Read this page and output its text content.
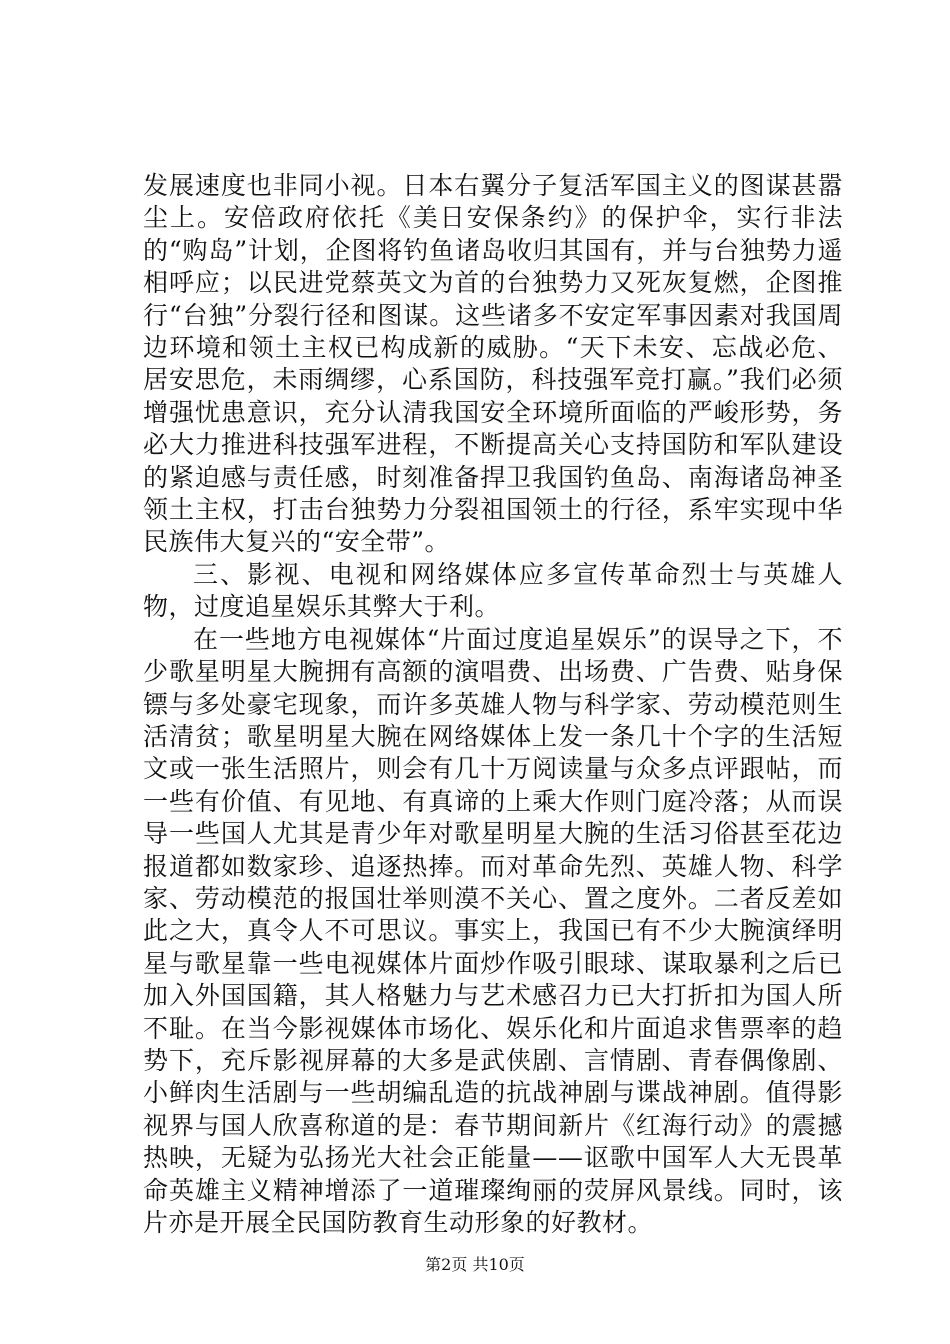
发展速度也非同小视。日本右翼分子复活军国主义的图谋甚嚣尘上。安倍政府依托《美日安保条约》的保护伞，实行非法的“购岛”计划，企图将钓鱼诸岛收归其国有，并与台独势力遥相呼应；以民进党蔡英文为首的台独势力又死灰复燃，企图推行“台独”分裂行径和图谋。这些诸多不安定军事因素对我国周边环境和领土主权已构成新的威胁。“天下未安、忘战必危、居安思危，未雨绸缪，心系国防，科技强军竞打赢。”我们必须增强忧患意识，充分认清我国安全环境所面临的严峻形势，务必大力推进科技强军进程，不断提高关心支持国防和军队建设的紧迫感与责任感，时刻准备捍卫我国钓鱼岛、南海诸岛神圣领土主权，打击台独势力分裂祖国领土的行径，系牢实现中华民族伟大复兴的“安全带”。

三、影视、电视和网络媒体应多宣传革命烈士与英雄人物，过度追星娱乐其弊大于利。

在一些地方电视媒体“片面过度追星娱乐”的误导之下，不少歌星明星大腕拥有高额的演唱费、出场费、广告费、贴身保镖与多处豪宅现象，而许多英雄人物与科学家、劳动模范则生活清贫；歌星明星大腕在网络媒体上发一条几十个字的生活短文或一张生活照片，则会有几十万阅读量与众多点评跟帖，而一些有价值、有见地、有真谛的上乘大作则门庭冷落；从而误导一些国人尤其是青少年对歌星明星大腕的生活习俗甚至花边报道都如数家珍、追逐热捧。而对革命先烈、英雄人物、科学家、劳动模范的报国壮举则漠不关心、置之度外。二者反差如此之大，真令人不可思议。事实上，我国已有不少大腕演绎明星与歌星靠一些电视媒体片面炒作吸引眼球、谋取暴利之后已加入外国国籍，其人格魅力与艺术感召力已大打折扣为国人所不耻。在当今影视媒体市场化、娱乐化和片面追求售票率的趋势下，充斥影视屏幕的大多是武侠剧、言情剧、青春偶像剧、小鲜肉生活剧与一些胡编乱造的抗战神剧与谍战神剧。值得影视界与国人欣喜称道的是：春节期间新片《红海行动》的震撼热映，无疑为弘扬光大社会正能量——讴歌中国军人大无畏革命英雄主义精神增添了一道璀璨绚丽的荧屏风景线。同时，该片亦是开展全民国防教育生动形象的好教材。

第2页 共10页
